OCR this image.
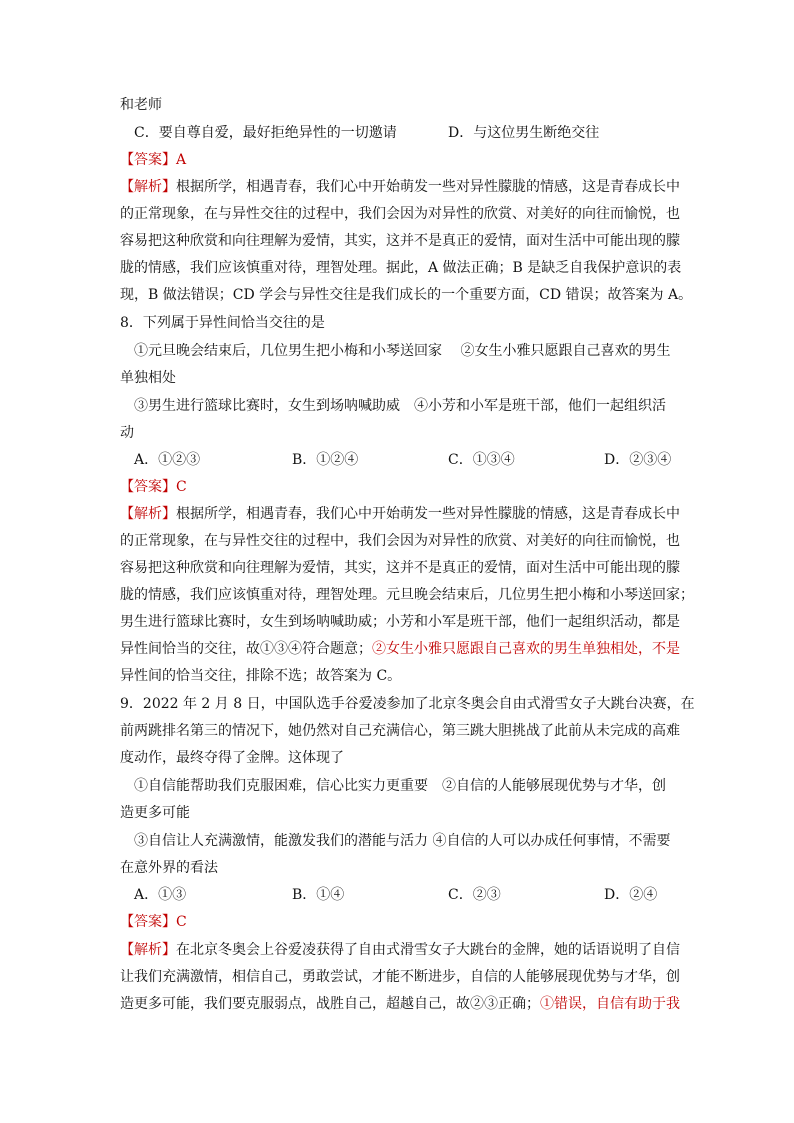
和老师
C．要自尊自爱，最好拒绝异性的一切邀请	D．与这位男生断绝交往
【答案】A
【解析】根据所学，相遇青春，我们心中开始萌发一些对异性朦胧的情感，这是青春成长中
的正常现象，在与异性交往的过程中，我们会因为对异性的欣赏、对美好的向往而愉悦，也
容易把这种欣赏和向往理解为爱情，其实，这并不是真正的爱情，面对生活中可能出现的朦
胧的情感，我们应该慎重对待，理智处理。据此，A 做法正确；B 是缺乏自我保护意识的表
现，B 做法错误；CD 学会与异性交往是我们成长的一个重要方面，CD 错误；故答案为 A。
8．下列属于异性间恰当交往的是
①元旦晚会结束后，几位男生把小梅和小琴送回家　 ②女生小雅只愿跟自己喜欢的男生
单独相处
③男生进行篮球比赛时，女生到场呐喊助威　④小芳和小军是班干部，他们一起组织活
动
A．①②③	B．①②④	C．①③④	D．②③④
【答案】C
【解析】根据所学，相遇青春，我们心中开始萌发一些对异性朦胧的情感，这是青春成长中
的正常现象，在与异性交往的过程中，我们会因为对异性的欣赏、对美好的向往而愉悦，也
容易把这种欣赏和向往理解为爱情，其实，这并不是真正的爱情，面对生活中可能出现的朦
胧的情感，我们应该慎重对待，理智处理。元旦晚会结束后，几位男生把小梅和小琴送回家；
男生进行篮球比赛时，女生到场呐喊助威；小芳和小军是班干部，他们一起组织活动，都是
异性间恰当的交往，故①③④符合题意；②女生小雅只愿跟自己喜欢的男生单独相处，不是
异性间的恰当交往，排除不选；故答案为 C。
9．2022 年 2 月 8 日，中国队选手谷爱凌参加了北京冬奥会自由式滑雪女子大跳台决赛，在
前两跳排名第三的情况下，她仍然对自己充满信心，第三跳大胆挑战了此前从未完成的高难
度动作，最终夺得了金牌。这体现了
①自信能帮助我们克服困难，信心比实力更重要　②自信的人能够展现优势与才华，创
造更多可能
③自信让人充满激情，能激发我们的潜能与活力 ④自信的人可以办成任何事情，不需要
在意外界的看法
A．①③	B．①④	C．②③	D．②④
【答案】C
【解析】在北京冬奥会上谷爱凌获得了自由式滑雪女子大跳台的金牌，她的话语说明了自信
让我们充满激情，相信自己，勇敢尝试，才能不断进步，自信的人能够展现优势与才华，创
造更多可能，我们要克服弱点，战胜自己，超越自己，故②③正确；①错误，自信有助于我
